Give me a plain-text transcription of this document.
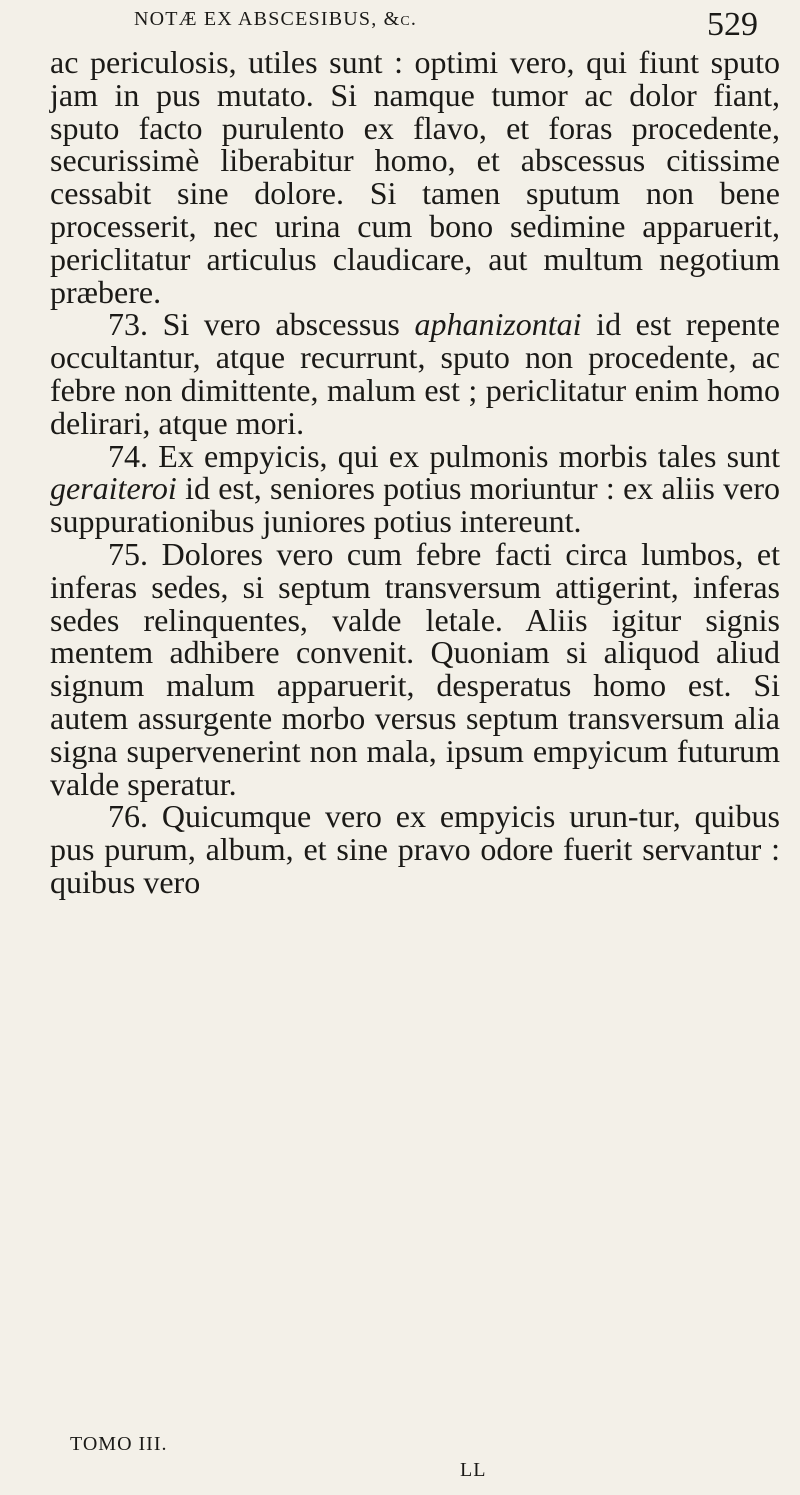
NOTÆ EX ABSCESIBUS, &c.	529

ac periculosis, utiles sunt : optimi vero, qui fiunt sputo jam in pus mutato. Si namque tumor ac dolor fiant, sputo facto purulento ex flavo, et foras procedente, securissimè liberabitur homo, et abscessus citissime cessabit sine dolore. Si tamen sputum non bene processerit, nec urina cum bono sedimine apparuerit, periclitatur articulus claudicare, aut multum negotium præbere.

73. Si vero abscessus aphanizontai id est repente occultantur, atque recurrunt, sputo non procedente, ac febre non dimittente, malum est ; periclitatur enim homo delirari, atque mori.

74. Ex empyicis, qui ex pulmonis morbis tales sunt geraiteroi id est, seniores potius moriuntur : ex aliis vero suppurationibus juniores potius intereunt.

75. Dolores vero cum febre facti circa lumbos, et inferas sedes, si septum transversum attigerint, inferas sedes relinquentes, valde letale. Aliis igitur signis mentem adhibere convenit. Quoniam si aliquod aliud signum malum apparuerit, desperatus homo est. Si autem assurgente morbo versus septum transversum alia signa supervenerint non mala, ipsum empyicum futurum valde speratur.

76. Quicumque vero ex empyicis urun-tur, quibus pus purum, album, et sine pravo odore fuerit servantur : quibus vero

TOMO III.
LL
